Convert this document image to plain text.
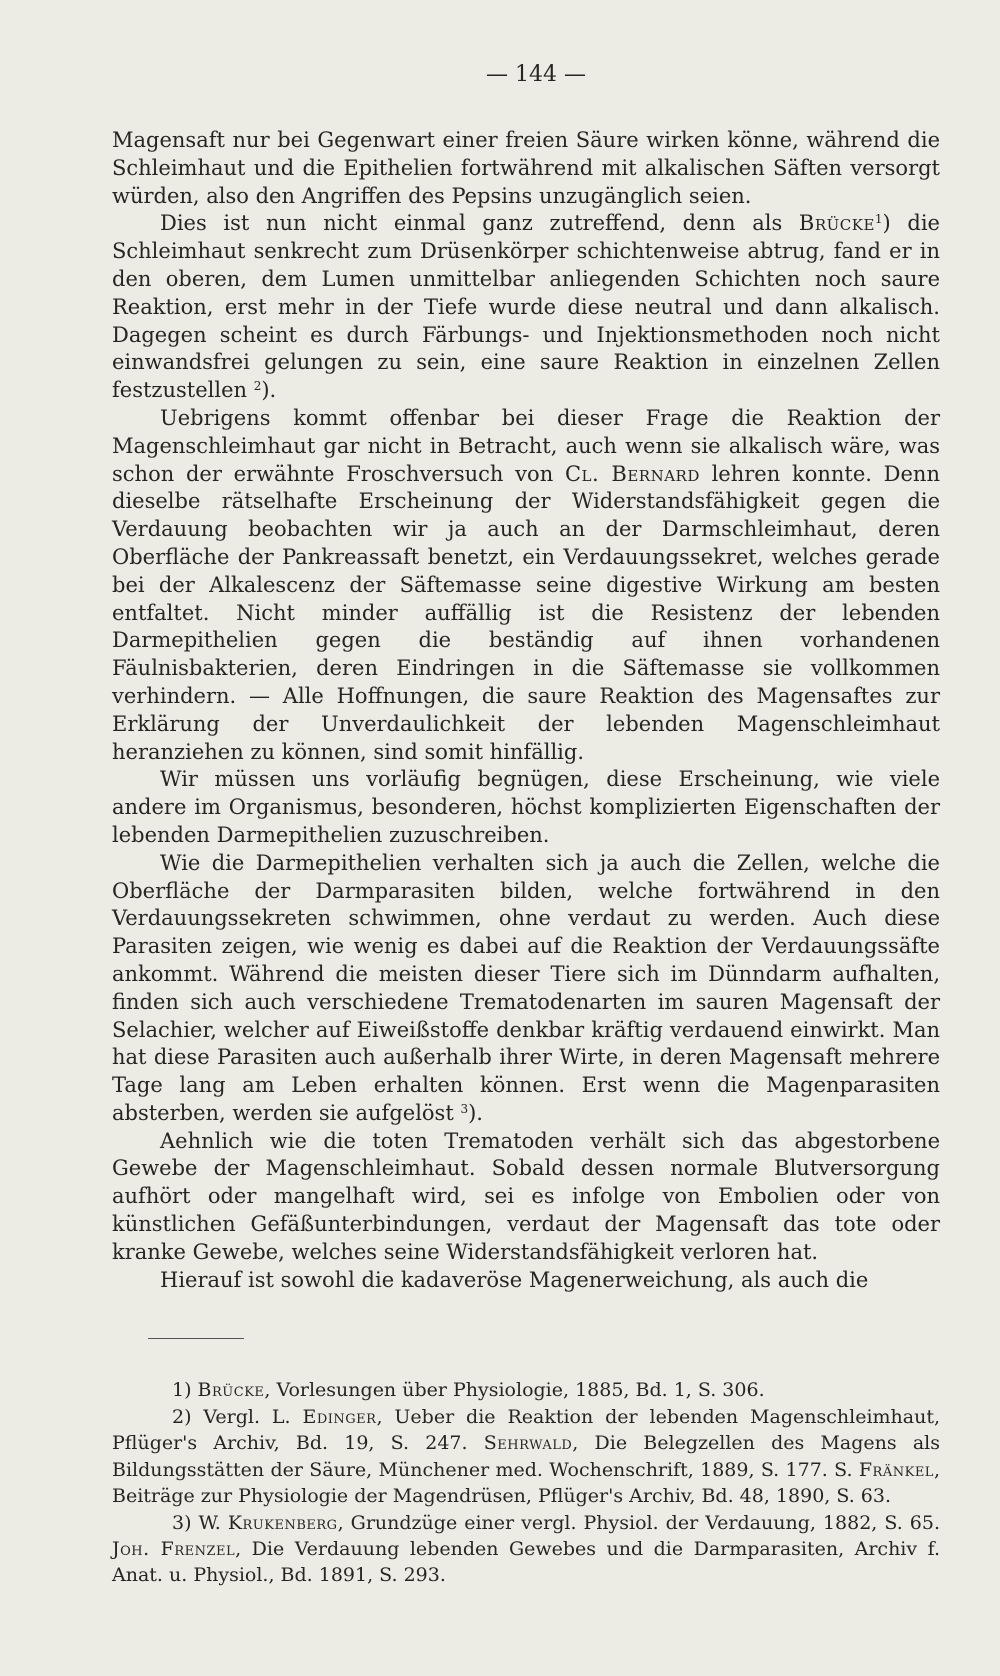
— 144 —

Magensaft nur bei Gegenwart einer freien Säure wirken könne, während die Schleimhaut und die Epithelien fortwährend mit alkalischen Säften versorgt würden, also den Angriffen des Pepsins unzugänglich seien.

Dies ist nun nicht einmal ganz zutreffend, denn als Brücke$^1$) die Schleimhaut senkrecht zum Drüsenkörper schichtenweise abtrug, fand er in den oberen, dem Lumen unmittelbar anliegenden Schichten noch saure Reaktion, erst mehr in der Tiefe wurde diese neutral und dann alkalisch. Dagegen scheint es durch Färbungs- und Injektionsmethoden noch nicht einwandsfrei gelungen zu sein, eine saure Reaktion in einzelnen Zellen festzustellen $^2$).

Uebrigens kommt offenbar bei dieser Frage die Reaktion der Magenschleimhaut gar nicht in Betracht, auch wenn sie alkalisch wäre, was schon der erwähnte Froschversuch von Cl. Bernard lehren konnte. Denn dieselbe rätselhafte Erscheinung der Widerstandsfähigkeit gegen die Verdauung beobachten wir ja auch an der Darmschleimhaut, deren Oberfläche der Pankreassaft benetzt, ein Verdauungssekret, welches gerade bei der Alkalescenz der Säftemasse seine digestive Wirkung am besten entfaltet. Nicht minder auffällig ist die Resistenz der lebenden Darmepithelien gegen die beständig auf ihnen vorhandenen Fäulnisbakterien, deren Eindringen in die Säftemasse sie vollkommen verhindern. — Alle Hoffnungen, die saure Reaktion des Magensaftes zur Erklärung der Unverdaulichkeit der lebenden Magenschleimhaut heranziehen zu können, sind somit hinfällig.

Wir müssen uns vorläufig begnügen, diese Erscheinung, wie viele andere im Organismus, besonderen, höchst komplizierten Eigenschaften der lebenden Darmepithelien zuzuschreiben.

Wie die Darmepithelien verhalten sich ja auch die Zellen, welche die Oberfläche der Darmparasiten bilden, welche fortwährend in den Verdauungssekreten schwimmen, ohne verdaut zu werden. Auch diese Parasiten zeigen, wie wenig es dabei auf die Reaktion der Verdauungssäfte ankommt. Während die meisten dieser Tiere sich im Dünndarm aufhalten, finden sich auch verschiedene Trematodenarten im sauren Magensaft der Selachier, welcher auf Eiweißstoffe denkbar kräftig verdauend einwirkt. Man hat diese Parasiten auch außerhalb ihrer Wirte, in deren Magensaft mehrere Tage lang am Leben erhalten können. Erst wenn die Magenparasiten absterben, werden sie aufgelöst $^3$).

Aehnlich wie die toten Trematoden verhält sich das abgestorbene Gewebe der Magenschleimhaut. Sobald dessen normale Blutversorgung aufhört oder mangelhaft wird, sei es infolge von Embolien oder von künstlichen Gefäßunterbindungen, verdaut der Magensaft das tote oder kranke Gewebe, welches seine Widerstandsfähigkeit verloren hat.

Hierauf ist sowohl die kadaveröse Magenerweichung, als auch die

1) Brücke, Vorlesungen über Physiologie, 1885, Bd. 1, S. 306.

2) Vergl. L. Edinger, Ueber die Reaktion der lebenden Magenschleimhaut, Pflüger's Archiv, Bd. 19, S. 247. Sehrwald, Die Belegzellen des Magens als Bildungsstätten der Säure, Münchener med. Wochenschrift, 1889, S. 177. S. Fränkel, Beiträge zur Physiologie der Magendrüsen, Pflüger's Archiv, Bd. 48, 1890, S. 63.

3) W. Krukenberg, Grundzüge einer vergl. Physiol. der Verdauung, 1882, S. 65. Joh. Frenzel, Die Verdauung lebenden Gewebes und die Darmparasiten, Archiv f. Anat. u. Physiol., Bd. 1891, S. 293.
